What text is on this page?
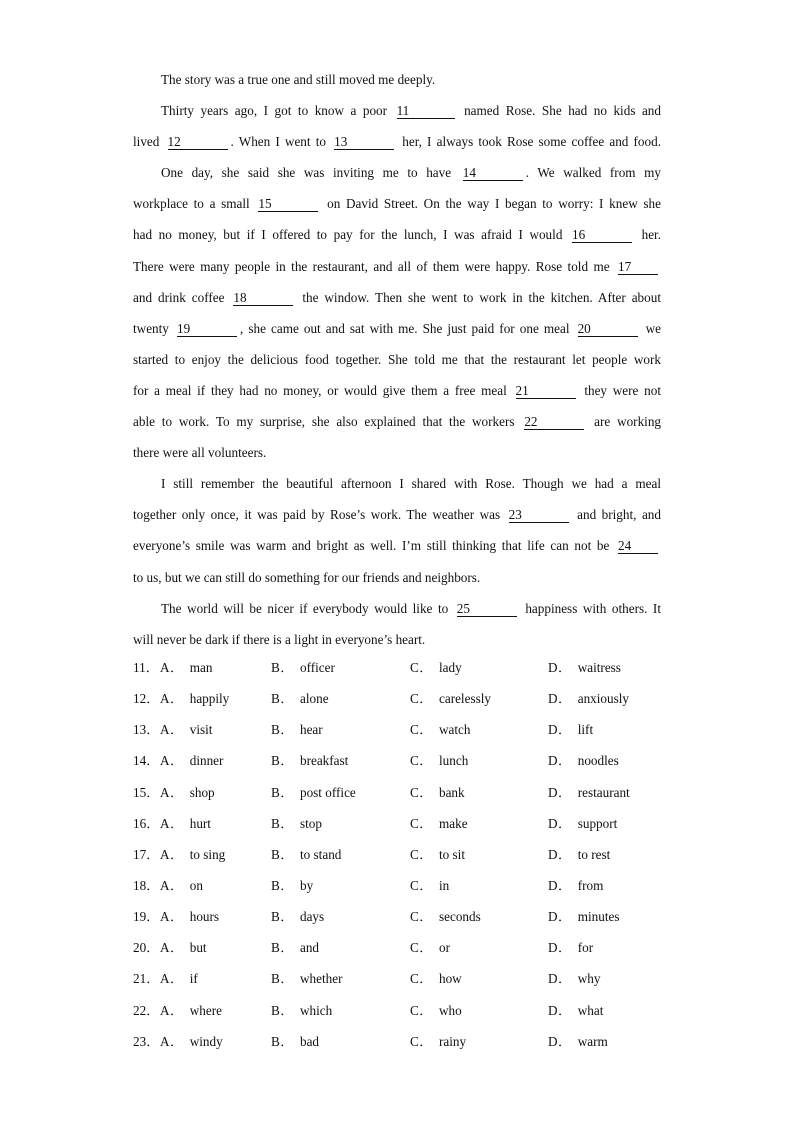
The story was a true one and still moved me deeply.
Thirty years ago, I got to know a poor 11	named Rose. She had no kids and
lived 12	. When I went to 13	her, I always took Rose some coffee and food.
One day, she said she was inviting me to have 14	. We walked from my
workplace to a small 15	on David Street. On the way I began to worry: I knew she
had no money, but if I offered to pay for the lunch, I was afraid I would 16	her.
There were many people in the restaurant, and all of them were happy. Rose told me 17
and drink coffee 18	the window. Then she went to work in the kitchen. After about
twenty 19	, she came out and sat with me. She just paid for one meal 20	we
started to enjoy the delicious food together. She told me that the restaurant let people work
for a meal if they had no money, or would give them a free meal 21	they were not
able to work. To my surprise, she also explained that the workers 22	are working
there were all volunteers.
I still remember the beautiful afternoon I shared with Rose. Though we had a meal
together only once, it was paid by Rose’s work. The weather was 23	and bright, and
everyone’s smile was warm and bright as well. I’m still thinking that life can not be 24
to us, but we can still do something for our friends and neighbors.
The world will be nicer if everybody would like to 25	happiness with others. It
will never be dark if there is a light in everyone’s heart.
11． A． man	B． officer	C． lady	D． waitress
12． A． happily	B． alone	C． carelessly	D． anxiously
13． A． visit	B． hear	C． watch	D． lift
14． A． dinner	B． breakfast	C． lunch	D． noodles
15． A． shop	B． post office	C． bank	D． restaurant
16． A． hurt	B． stop	C． make	D． support
17． A． to sing	B． to stand	C． to sit	D． to rest
18． A． on	B． by	C． in	D． from
19． A． hours	B． days	C． seconds	D． minutes
20． A． but	B． and	C． or	D． for
21． A． if	B． whether	C． how	D． why
22． A． where	B． which	C． who	D． what
23． A． windy	B． bad	C． rainy	D． warm
